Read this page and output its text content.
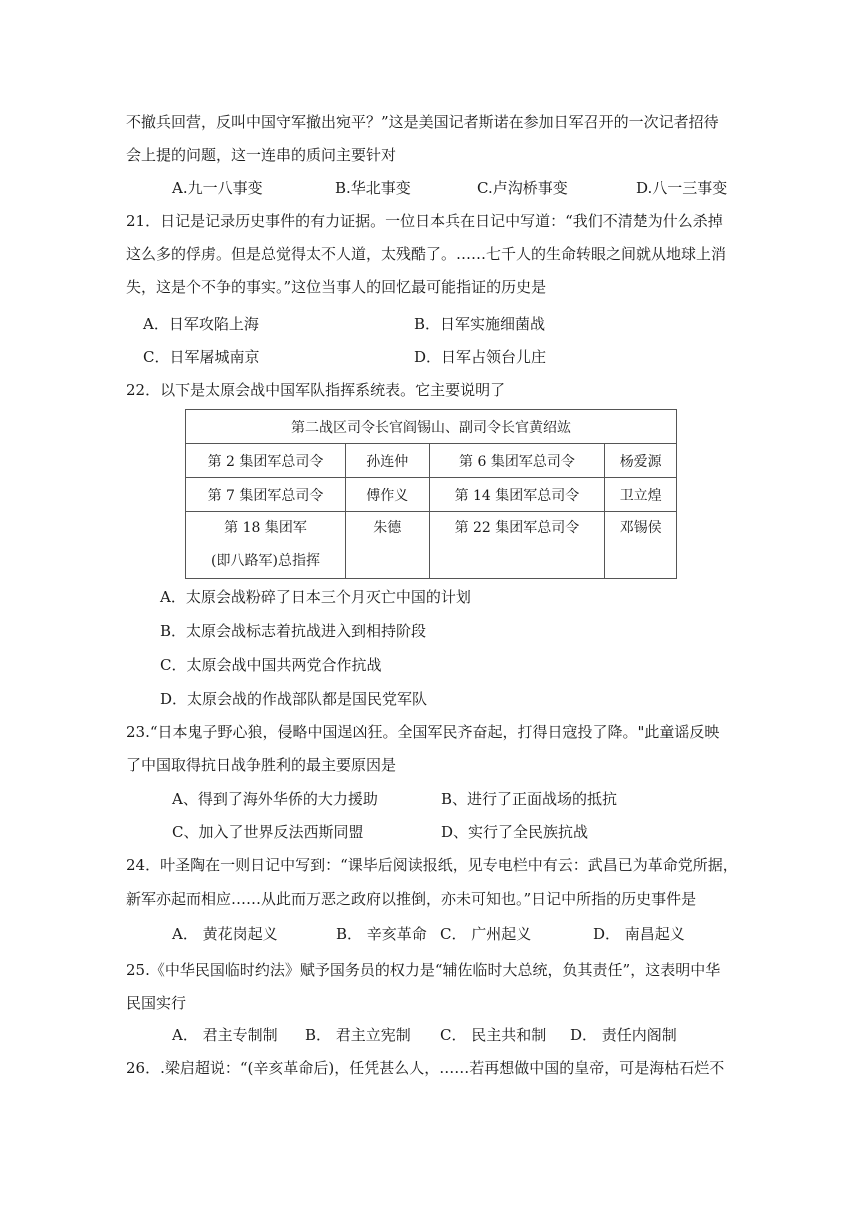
不撤兵回营，反叫中国守军撤出宛平？”这是美国记者斯诺在参加日军召开的一次记者招待
会上提的问题，这一连串的质问主要针对
A.九一八事变	B.华北事变	C.卢沟桥事变	D.八一三事变
21．日记是记录历史事件的有力证据。一位日本兵在日记中写道：“我们不清楚为什么杀掉
这么多的俘虏。但是总觉得太不人道，太残酷了。……七千人的生命转眼之间就从地球上消
失，这是个不争的事实。”这位当事人的回忆最可能指证的历史是
A．日军攻陷上海	B．日军实施细菌战
C．日军屠城南京	D．日军占领台儿庄
22．以下是太原会战中国军队指挥系统表。它主要说明了
第二战区司令长官阎锡山、副司令长官黄绍竑			
第 2 集团军总司令	孙连仲	第 6 集团军总司令	杨爱源
第 7 集团军总司令	傅作义	第 14 集团军总司令	卫立煌

第 18 集团军
(即八路军)总指挥	朱德	第 22 集团军总司令	邓锡侯
A．太原会战粉碎了日本三个月灭亡中国的计划
B．太原会战标志着抗战进入到相持阶段
C．太原会战中国共两党合作抗战
D．太原会战的作战部队都是国民党军队
23.“日本鬼子野心狼，侵略中国逞凶狂。全国军民齐奋起，打得日寇投了降。"此童谣反映
了中国取得抗日战争胜利的最主要原因是
A、得到了海外华侨的大力援助	B、进行了正面战场的抵抗
C、加入了世界反法西斯同盟	D、实行了全民族抗战
24．叶圣陶在一则日记中写到：“课毕后阅读报纸，见专电栏中有云：武昌已为革命党所据，
新军亦起而相应……从此而万恶之政府以推倒，亦未可知也。”日记中所指的历史事件是
A． 黄花岗起义	B． 辛亥革命 C． 广州起义	D． 南昌起义
25.《中华民国临时约法》赋予国务员的权力是“辅佐临时大总统，负其责任”，这表明中华
民国实行
A． 君主专制制 B． 君主立宪制 C． 民主共和制 D． 责任内阁制
26．.梁启超说：“(辛亥革命后)，任凭甚么人，……若再想做中国的皇帝，可是海枯石烂不
